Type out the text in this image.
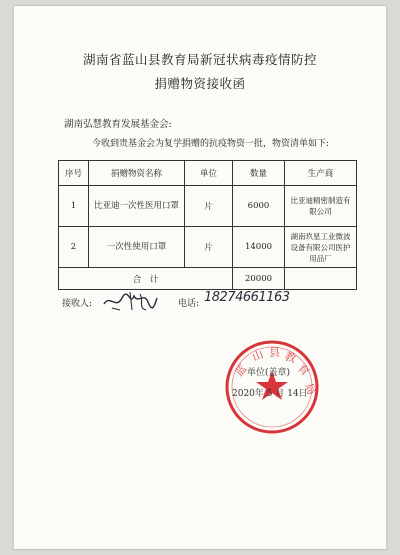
湖南省蓝山县教育局新冠状病毒疫情防控
捐赠物资接收函
湖南弘慧教育发展基金会:
今收到贵基金会为复学捐赠的抗疫物资一批，物资清单如下:
序号	捐赠物资名称	单位	数量	生产商
1	比亚迪一次性医用口罩	片	6000	比亚迪精密制造有限公司
2	一次性使用口罩	片	14000	湖南玖星工业微波设备有限公司医护用品厂
合　计			20000	
接收人:	电话: 18274661163
蓝
山 县 教
育
局
单位(盖章)
2020年 5 月 14日
